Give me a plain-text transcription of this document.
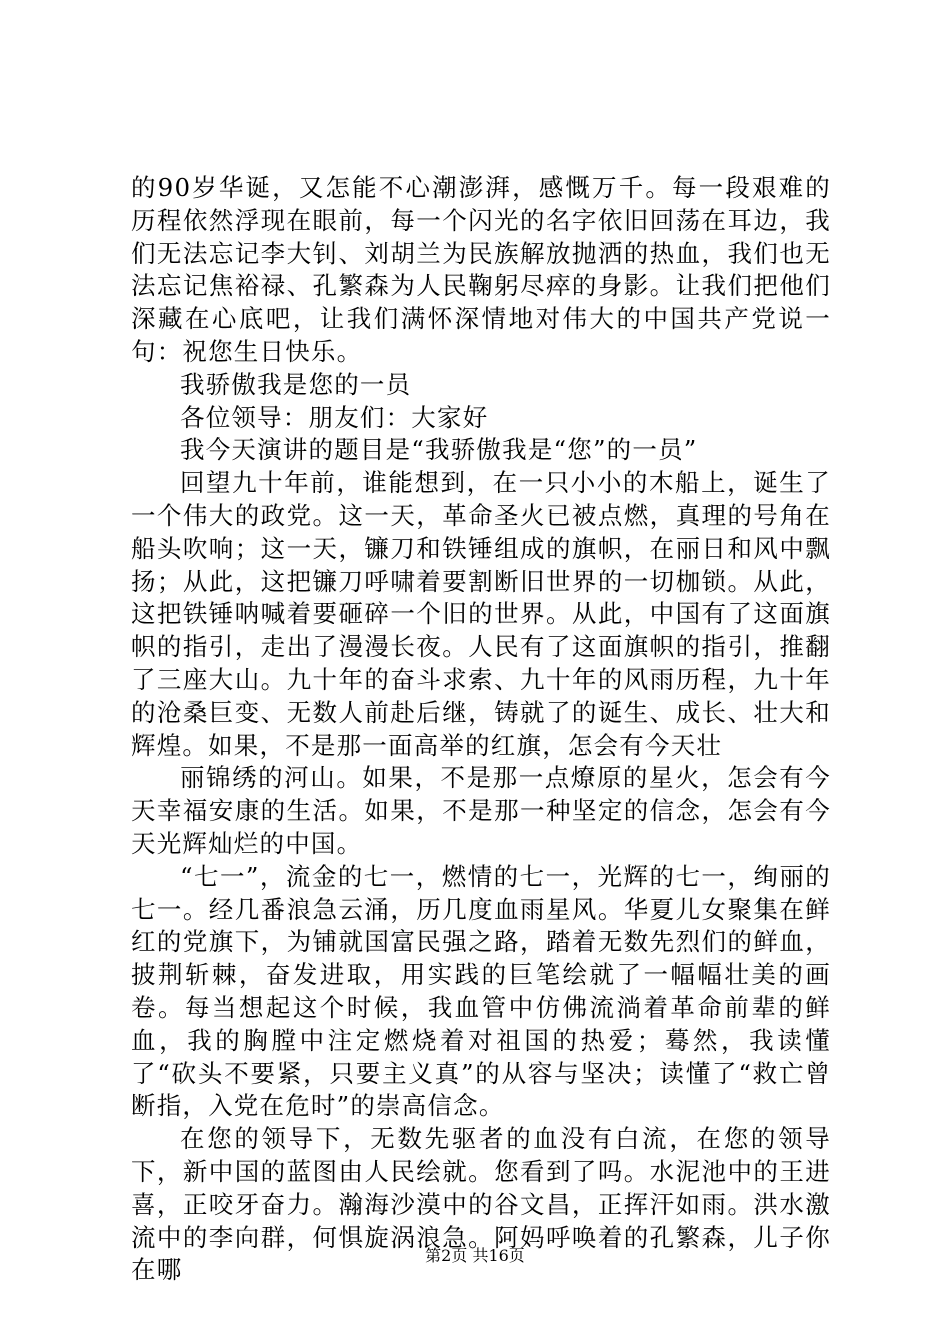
的90岁华诞，又怎能不心潮澎湃，感慨万千。每一段艰难的历程依然浮现在眼前，每一个闪光的名字依旧回荡在耳边，我们无法忘记李大钊、刘胡兰为民族解放抛洒的热血，我们也无法忘记焦裕禄、孔繁森为人民鞠躬尽瘁的身影。让我们把他们深藏在心底吧，让我们满怀深情地对伟大的中国共产党说一句：祝您生日快乐。

我骄傲我是您的一员

各位领导：朋友们：大家好

我今天演讲的题目是“我骄傲我是“您”的一员”

回望九十年前，谁能想到，在一只小小的木船上，诞生了一个伟大的政党。这一天，革命圣火已被点燃，真理的号角在船头吹响；这一天，镰刀和铁锤组成的旗帜，在丽日和风中飘扬；从此，这把镰刀呼啸着要割断旧世界的一切枷锁。从此，这把铁锤呐喊着要砸碎一个旧的世界。从此，中国有了这面旗帜的指引，走出了漫漫长夜。人民有了这面旗帜的指引，推翻了三座大山。九十年的奋斗求索、九十年的风雨历程，九十年的沧桑巨变、无数人前赴后继，铸就了的诞生、成长、壮大和辉煌。如果，不是那一面高举的红旗，怎会有今天壮

丽锦绣的河山。如果，不是那一点燎原的星火，怎会有今天幸福安康的生活。如果，不是那一种坚定的信念，怎会有今天光辉灿烂的中国。

“七一”，流金的七一，燃情的七一，光辉的七一，绚丽的七一。经几番浪急云涌，历几度血雨星风。华夏儿女聚集在鲜红的党旗下，为铺就国富民强之路，踏着无数先烈们的鲜血，披荆斩棘，奋发进取，用实践的巨笔绘就了一幅幅壮美的画卷。每当想起这个时候，我血管中仿佛流淌着革命前辈的鲜血，我的胸膛中注定燃烧着对祖国的热爱；蓦然，我读懂了“砍头不要紧，只要主义真”的从容与坚决；读懂了“救亡曾断指，入党在危时”的崇高信念。

在您的领导下，无数先驱者的血没有白流，在您的领导下，新中国的蓝图由人民绘就。您看到了吗。水泥池中的王进喜，正咬牙奋力。瀚海沙漠中的谷文昌，正挥汗如雨。洪水激流中的李向群，何惧旋涡浪急。阿妈呼唤着的孔繁森，儿子你在哪	第2页 共16页
